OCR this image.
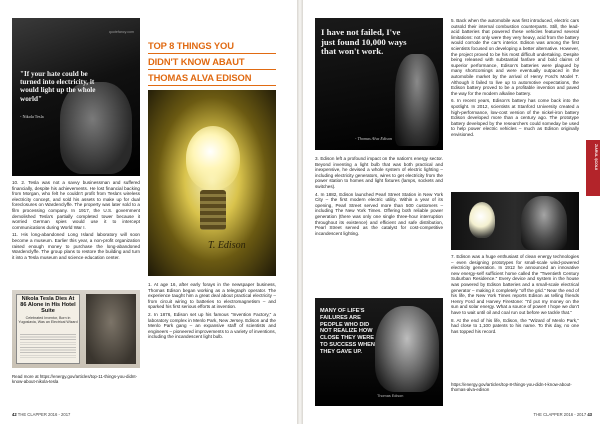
quotefancy.com
"If your hate could be turned into electricity, it would light up the whole world"
- Nikola Tesla
TOP 8 THINGS YOU
DIDN'T KNOW ABAUT
THOMAS ALVA EDISON
T. Edison

10. 2. Tesla was not a savvy businessman and suffered financially, despite his achievements. He lost financial backing from Morgan, who felt he couldn't profit from Tesla's wireless electricity concept, and sold his assets to make up for dual foreclosures on Wardenclyffe. The property was later sold to a film processing company. In 1917, the U.S. government demolished Tesla's partially completed tower because it worried German spies would use it to intercept communications during World War I.

11. His long-abandoned Long Island laboratory will soon become a museum. Earlier this year, a non-profit organization raised enough money to purchase the long-abandoned Wardenclyffe. The group plans to restore the building and turn it into a Tesla museum and science education center.

Nikola Tesla Dies At 86 Alone in His Hotel Suite
Celebrated Inventor, Born in Yugoslavia, Was an Electrical Wizard
Read more at https://energy.gov/articles/top-11-things-you-didnt-know-about-nikola-tesla

1. At age 16, after early forays in the newspaper business, Thomas Edison began working as a telegraph operator. The experience taught him a great deal about practical electricity – from circuit wiring to batteries to electromagnetism – and sparked his first serious efforts at invention.

2. In 1876, Edison set up his famous "Invention Factory," a laboratory complex in Menlo Park, New Jersey. Edison and the Menlo Park gang – an expansive staff of scientists and engineers – pioneered improvements to a variety of inventions, including the incandescent light bulb.

42 THE CLAPPER 2016 - 2017
I have not failed, I've just found 10,000 ways that won't work.
- Thomas Alva Edison

3. Edison left a profound impact on the nation's energy sector. Beyond inventing a light bulb that was both practical and inexpensive, he devised a whole system of electric lighting – including electricity generators, wires to get electricity from the power station to homes and light fixtures (lamps, sockets and switches).

4. In 1882, Edison launched Pearl Street Station in New York City – the first modern electric utility. Within a year of its opening, Pearl Street served more than 500 customers – including The New York Times. Offering both reliable power generation (there was only one single three-hour interruption throughout its existence) and efficient and safe distribution, Pearl Street served as the catalyst for cost-competitive incandescent lighting.

MANY OF LIFE'S FAILURES ARE PEOPLE WHO DID NOT REALIZE HOW CLOSE THEY WERE TO SUCCESS WHEN THEY GAVE UP.
Thomas Edison

5. Back when the automobile was first introduced, electric cars outsold their internal combustion counterparts. Still, the lead-acid batteries that powered these vehicles featured several limitations: not only were they very heavy, acid from the battery would corrode the car's interior. Edison was among the first scientists focused on developing a better alternative. However, the project proved to be his most difficult undertaking. Despite being released with substantial fanfare and bold claims of superior performance, Edison's batteries were plagued by many shortcomings and were eventually outpaced in the automobile market by the arrival of Henry Ford's Model T. Although it failed to live up to automotive expectations, the Edison battery proved to be a profitable invention and paved the way for the modern alkaline battery.

6. In recent years, Edison's battery has come back into the spotlight. In 2012, scientists at Stanford University created a high-performance, low-cost version of the nickel-iron battery Edison developed more than a century ago. The prototype battery developed by the researchers could someday be used to help power electric vehicles – much as Edison originally envisioned.

ZIARUL ȘCOLII

7. Edison was a huge enthusiast of clean energy technologies – even designing prototypes for small-scale wind-powered electricity generation. In 1912 he announced an innovative new energy-self sufficient home called the "Twentieth Century Suburban Residence." Every device and system in the house was powered by Edison batteries and a small-scale electrical generator – making it completely "off the grid." Near the end of his life, the New York Times reports Edison as telling friends Henry Ford and Harvey Firestone: "I'd put my money on the sun and solar energy. What a source of power! I hope we don't have to wait until oil and coal run out before we tackle that."

8. At the end of his life, Edison, the "Wizard of Menlo Park," had close to 1,100 patents to his name. To this day, no one has topped his record.

https://energy.gov/articles/top-8-things-you-didn-t-know-about-thomas-alva-edison
THE CLAPPER 2016 - 2017 43
